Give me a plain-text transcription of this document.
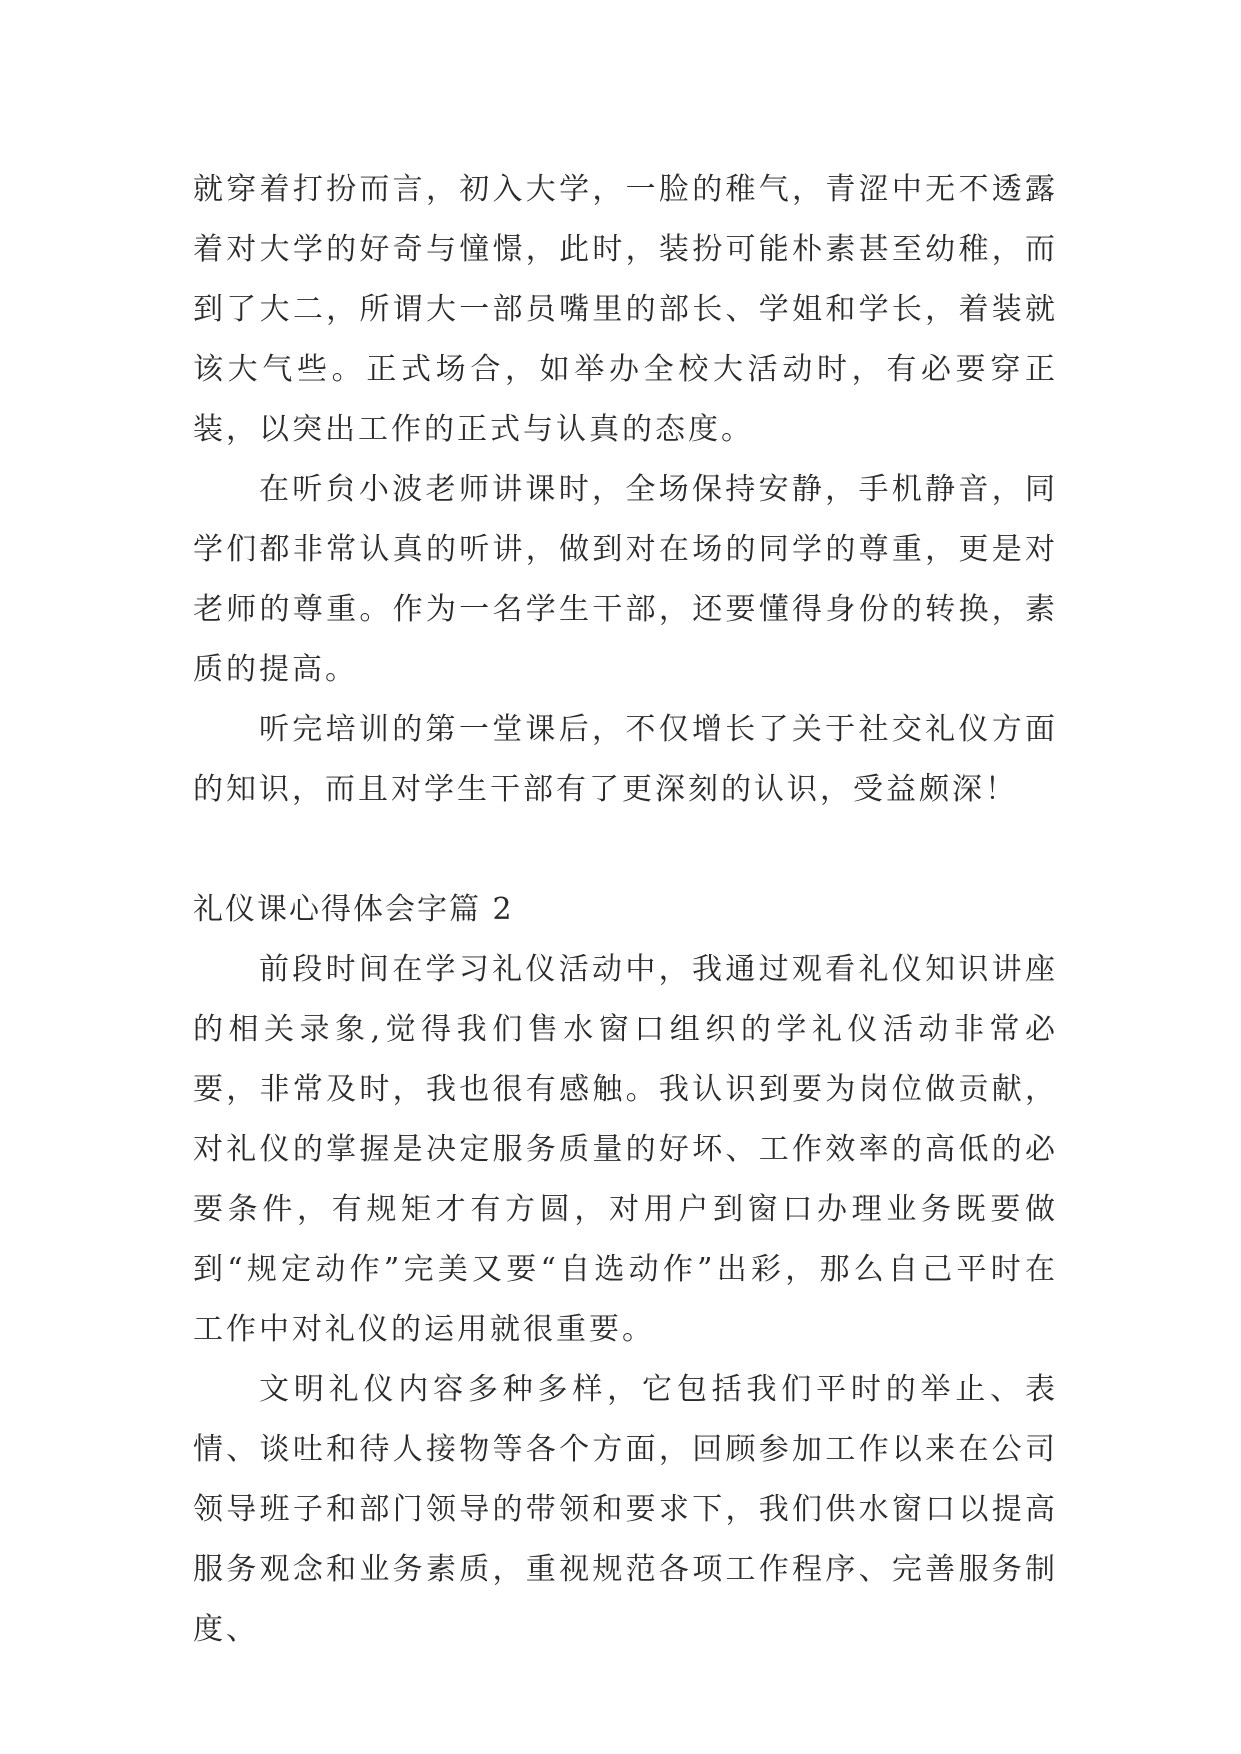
就穿着打扮而言，初入大学，一脸的稚气，青涩中无不透露着对大学的好奇与憧憬，此时，装扮可能朴素甚至幼稚，而到了大二，所谓大一部员嘴里的部长、学姐和学长，着装就该大气些。正式场合，如举办全校大活动时，有必要穿正装，以突出工作的正式与认真的态度。

在听贠小波老师讲课时，全场保持安静，手机静音，同学们都非常认真的听讲，做到对在场的同学的尊重，更是对老师的尊重。作为一名学生干部，还要懂得身份的转换，素质的提高。

听完培训的第一堂课后，不仅增长了关于社交礼仪方面的知识，而且对学生干部有了更深刻的认识，受益颇深！

礼仪课心得体会字篇 2

前段时间在学习礼仪活动中，我通过观看礼仪知识讲座的相关录象,觉得我们售水窗口组织的学礼仪活动非常必要，非常及时，我也很有感触。我认识到要为岗位做贡献，对礼仪的掌握是决定服务质量的好坏、工作效率的高低的必要条件，有规矩才有方圆，对用户到窗口办理业务既要做到“规定动作”完美又要“自选动作”出彩，那么自己平时在工作中对礼仪的运用就很重要。

文明礼仪内容多种多样，它包括我们平时的举止、表情、谈吐和待人接物等各个方面，回顾参加工作以来在公司领导班子和部门领导的带领和要求下，我们供水窗口以提高服务观念和业务素质，重视规范各项工作程序、完善服务制度、
